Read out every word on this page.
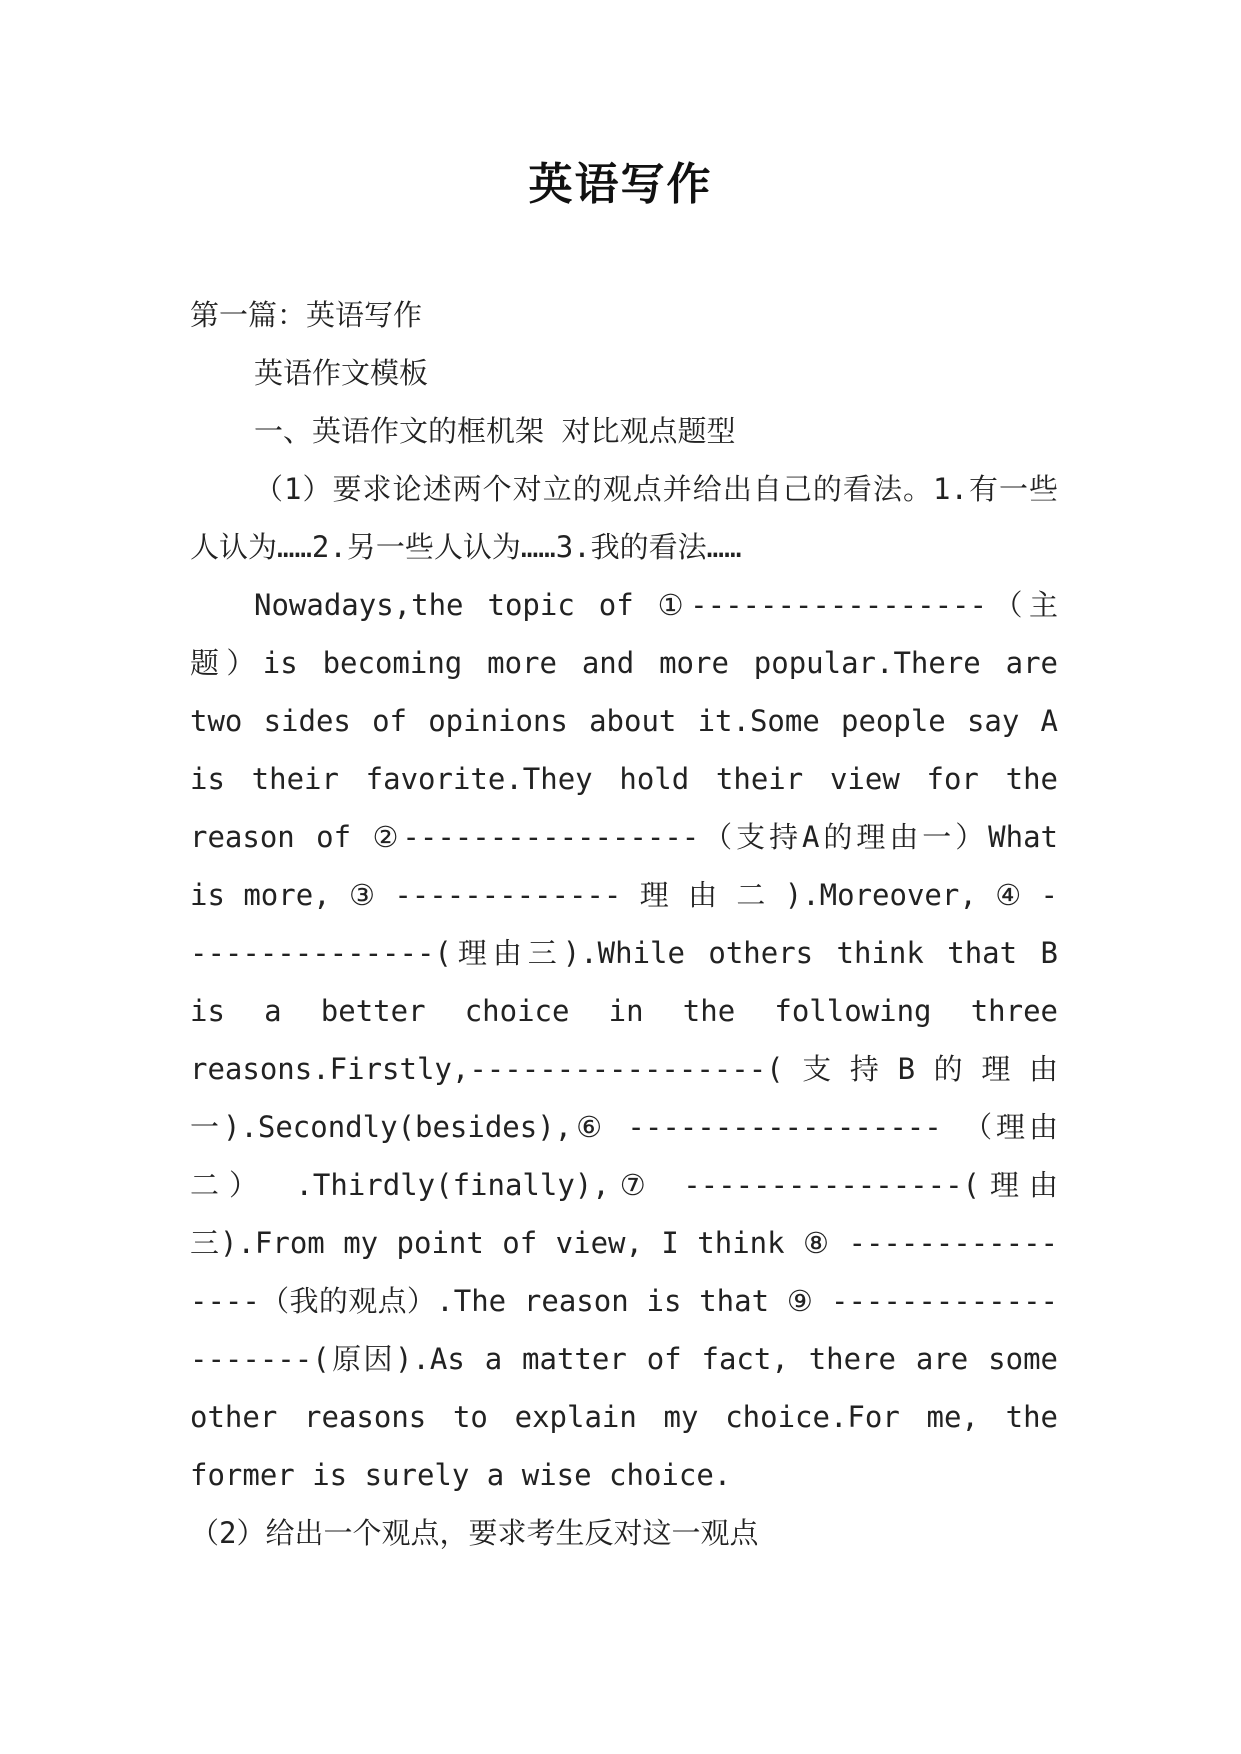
英语写作

第一篇：英语写作

英语作文模板

一、英语作文的框机架 对比观点题型

（1）要求论述两个对立的观点并给出自己的看法。1.有一些人认为……2.另一些人认为……3.我的看法……

Nowadays,the topic of ①-----------------（主题）is becoming more and more popular.There are two sides of opinions about it.Some people say A is their favorite.They hold their view for the reason of ②-----------------（支持A的理由一）What is more, ③ ------------- 理 由 二 ).Moreover, ④ ---------------(理由三).While others think that B is a better choice in the following three reasons.Firstly,-----------------(支持B的理由一).Secondly(besides),⑥ ------------------ （理由二） .Thirdly(finally),⑦ ----------------(理由三).From my point of view, I think ⑧ ----------------（我的观点）.The reason is that ⑨ --------------------(原因).As a matter of fact, there are some other reasons to explain my choice.For me, the former is surely a wise choice.

（2）给出一个观点，要求考生反对这一观点
